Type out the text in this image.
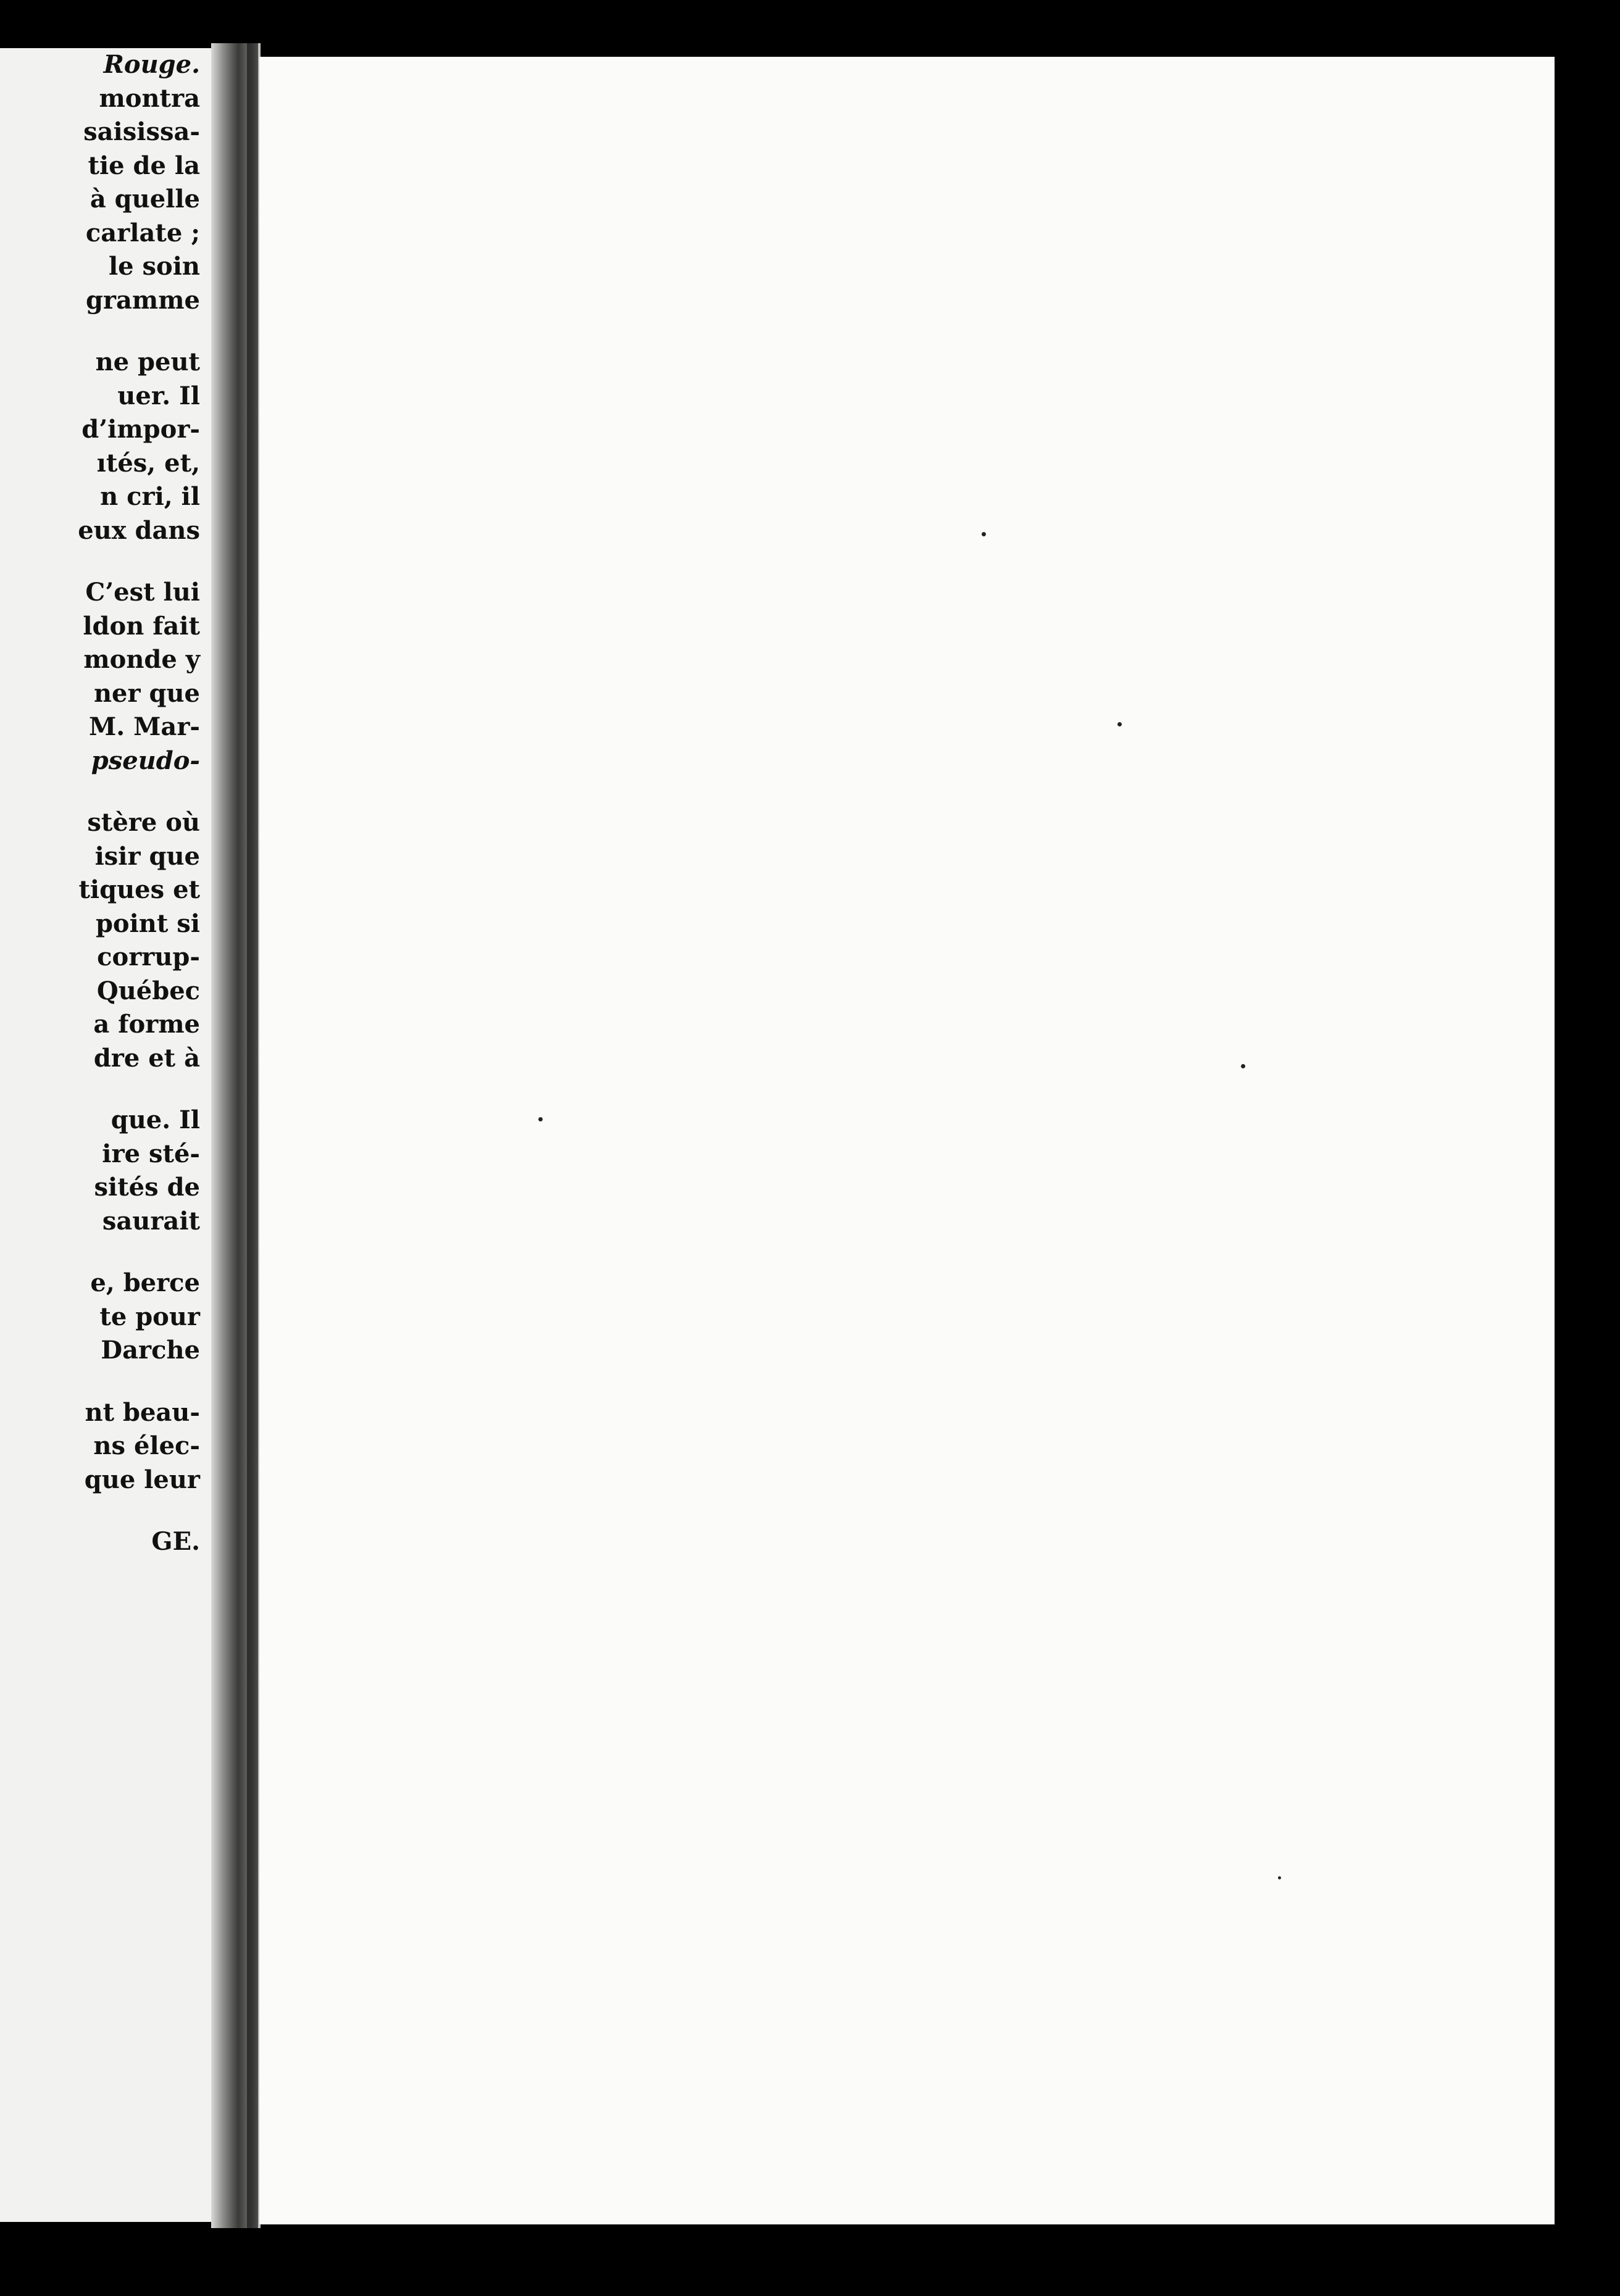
Rouge.
montra
saisissa-
tie de la
à quelle
carlate ;
le soin
gramme
ne peut
uer. Il
d’impor-
ıtés, et,
n cri, il
eux dans
C’est lui
ldon fait
monde y
ner que
M. Mar-
pseudo-
stère où
isir que
tiques et
point si
corrup-
Québec
a forme
dre et à
que. Il
ire sté-
sités de
saurait
e, berce
te pour
Darche
nt beau-
ns élec-
que leur
GE.
